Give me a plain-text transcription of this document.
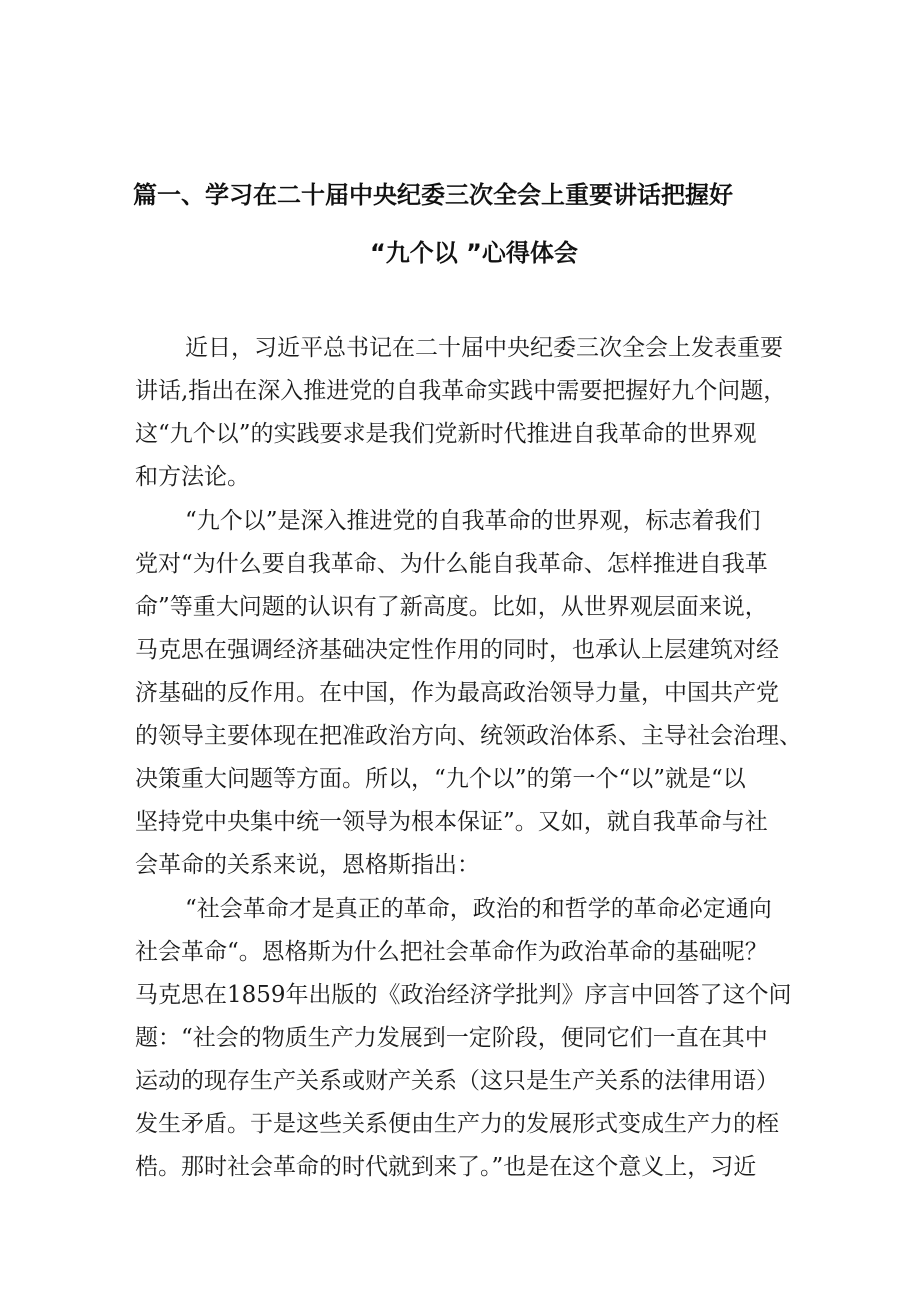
篇一、学习在二十届中央纪委三次全会上重要讲话把握好
“九个以 ”心得体会
近日，习近平总书记在二十届中央纪委三次全会上发表重要
讲话,指出在深入推进党的自我革命实践中需要把握好九个问题，
这“九个以”的实践要求是我们党新时代推进自我革命的世界观
和方法论。
“九个以”是深入推进党的自我革命的世界观，标志着我们
党对“为什么要自我革命、为什么能自我革命、怎样推进自我革
命”等重大问题的认识有了新高度。比如，从世界观层面来说，
马克思在强调经济基础决定性作用的同时，也承认上层建筑对经
济基础的反作用。在中国，作为最高政治领导力量，中国共产党
的领导主要体现在把准政治方向、统领政治体系、主导社会治理、
决策重大问题等方面。所以，“九个以”的第一个“以”就是“以
坚持党中央集中统一领导为根本保证”。又如，就自我革命与社
会革命的关系来说，恩格斯指出：
“社会革命才是真正的革命，政治的和哲学的革命必定通向
社会革命“。恩格斯为什么把社会革命作为政治革命的基础呢？
马克思在1859年出版的《政治经济学批判》序言中回答了这个问
题：“社会的物质生产力发展到一定阶段，便同它们一直在其中
运动的现存生产关系或财产关系（这只是生产关系的法律用语）
发生矛盾。于是这些关系便由生产力的发展形式变成生产力的桎
梏。那时社会革命的时代就到来了。”也是在这个意义上，习近
